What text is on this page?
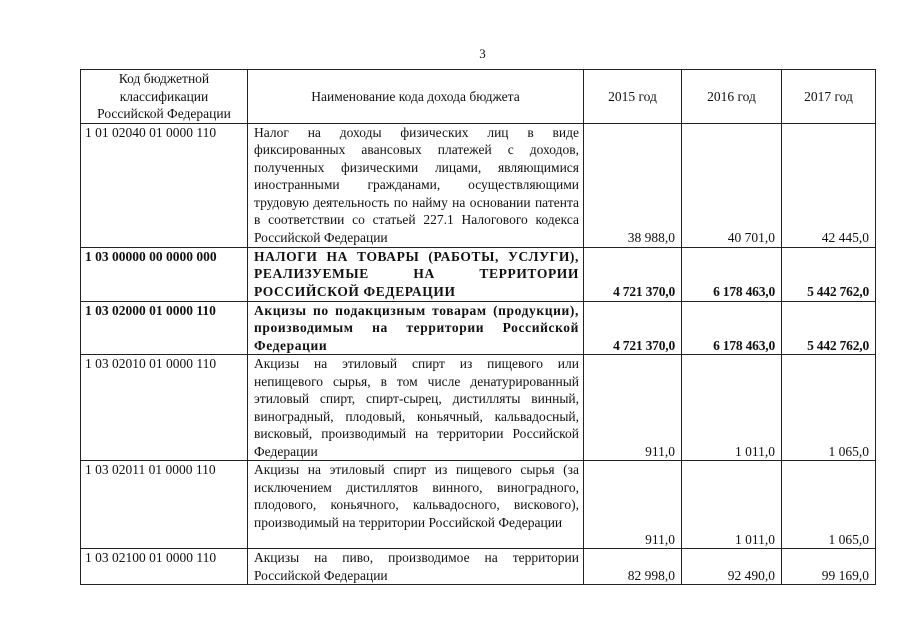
3
Код бюджетной классификации Российской Федерации	Наименование кода дохода бюджета	2015 год	2016 год	2017 год
1 01 02040 01 0000 110	Налог на доходы физических лиц в виде фиксированных авансовых платежей с доходов, полученных физическими лицами, являющимися иностранными гражданами, осуществляющими трудовую деятельность по найму на основании патента в соответствии со статьей 227.1 Налогового кодекса Российской Федерации	38 988,0	40 701,0	42 445,0
1 03 00000 00 0000 000	НАЛОГИ НА ТОВАРЫ (РАБОТЫ, УСЛУГИ), РЕАЛИЗУЕМЫЕ НА ТЕРРИТОРИИ РОССИЙСКОЙ ФЕДЕРАЦИИ	4 721 370,0	6 178 463,0	5 442 762,0
1 03 02000 01 0000 110	Акцизы по подакцизным товарам (продукции), производимым на территории Российской Федерации	4 721 370,0	6 178 463,0	5 442 762,0
1 03 02010 01 0000 110	Акцизы на этиловый спирт из пищевого или непищевого сырья, в том числе денатурированный этиловый спирт, спирт-сырец, дистилляты винный, виноградный, плодовый, коньячный, кальвадосный, висковый, производимый на территории Российской Федерации	911,0	1 011,0	1 065,0
1 03 02011 01 0000 110	Акцизы на этиловый спирт из пищевого сырья (за исключением дистиллятов винного, виноградного, плодового, коньячного, кальвадосного, вискового), производимый на территории Российской Федерации	911,0	1 011,0	1 065,0
1 03 02100 01 0000 110	Акцизы на пиво, производимое на территории Российской Федерации	82 998,0	92 490,0	99 169,0
